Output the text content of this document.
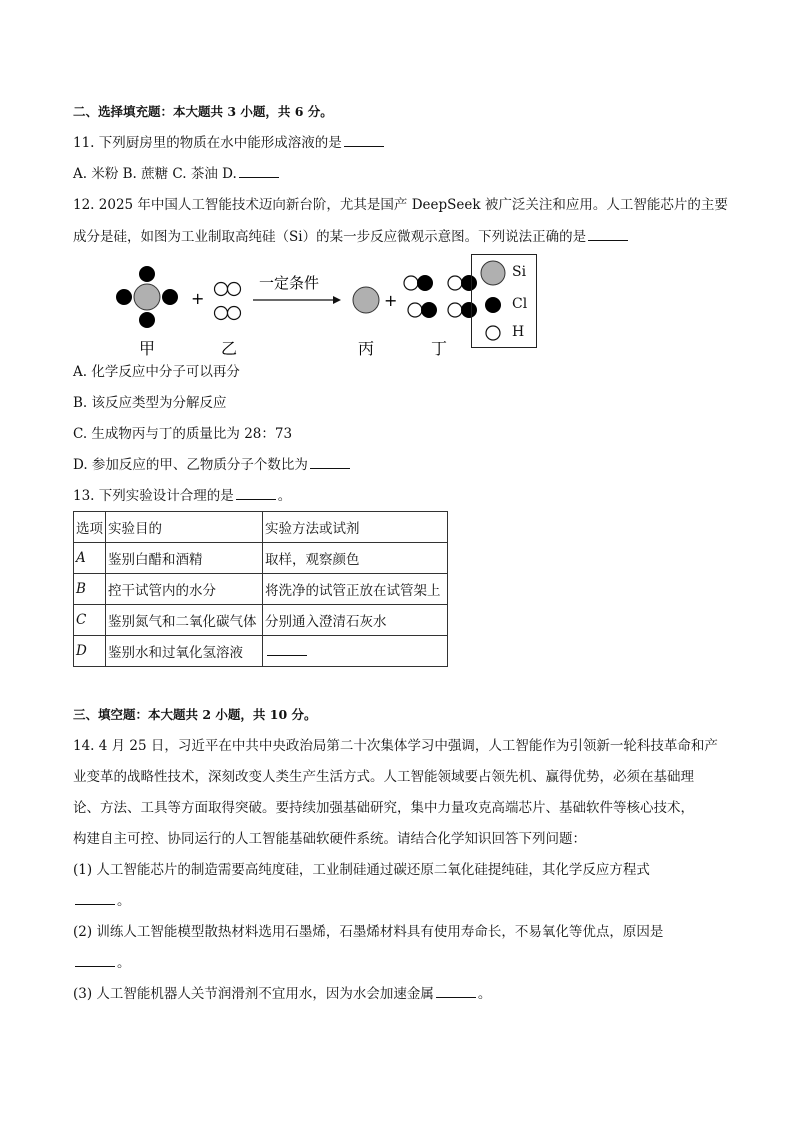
二、选择填充题：本大题共 3 小题，共 6 分。
11. 下列厨房里的物质在水中能形成溶液的是
A. 米粉 B. 蔗糖 C. 茶油 D.
12. 2025 年中国人工智能技术迈向新台阶，尤其是国产 DeepSeek 被广泛关注和应用。人工智能芯片的主要
成分是硅，如图为工业制取高纯硅（Si）的某一步反应微观示意图。下列说法正确的是
+
一定条件
+
甲	乙	丙	丁
Si
Cl
H
A. 化学反应中分子可以再分
B. 该反应类型为分解反应
C. 生成物丙与丁的质量比为 28：73
D. 参加反应的甲、乙物质分子个数比为
13. 下列实验设计合理的是	。
选项	实验目的	实验方法或试剂
A	鉴别白醋和酒精	取样，观察颜色
B	控干试管内的水分	将洗净的试管正放在试管架上
C	鉴别氮气和二氧化碳气体	分别通入澄清石灰水
D	鉴别水和过氧化氢溶液	
三、填空题：本大题共 2 小题，共 10 分。
14. 4 月 25 日，习近平在中共中央政治局第二十次集体学习中强调，人工智能作为引领新一轮科技革命和产
业变革的战略性技术，深刻改变人类生产生活方式。人工智能领域要占领先机、赢得优势，必须在基础理
论、方法、工具等方面取得突破。要持续加强基础研究，集中力量攻克高端芯片、基础软件等核心技术，
构建自主可控、协同运行的人工智能基础软硬件系统。请结合化学知识回答下列问题：
(1) 人工智能芯片的制造需要高纯度硅，工业制硅通过碳还原二氧化硅提纯硅，其化学反应方程式
。
(2) 训练人工智能模型散热材料选用石墨烯，石墨烯材料具有使用寿命长，不易氧化等优点，原因是
。
(3) 人工智能机器人关节润滑剂不宜用水，因为水会加速金属	。
